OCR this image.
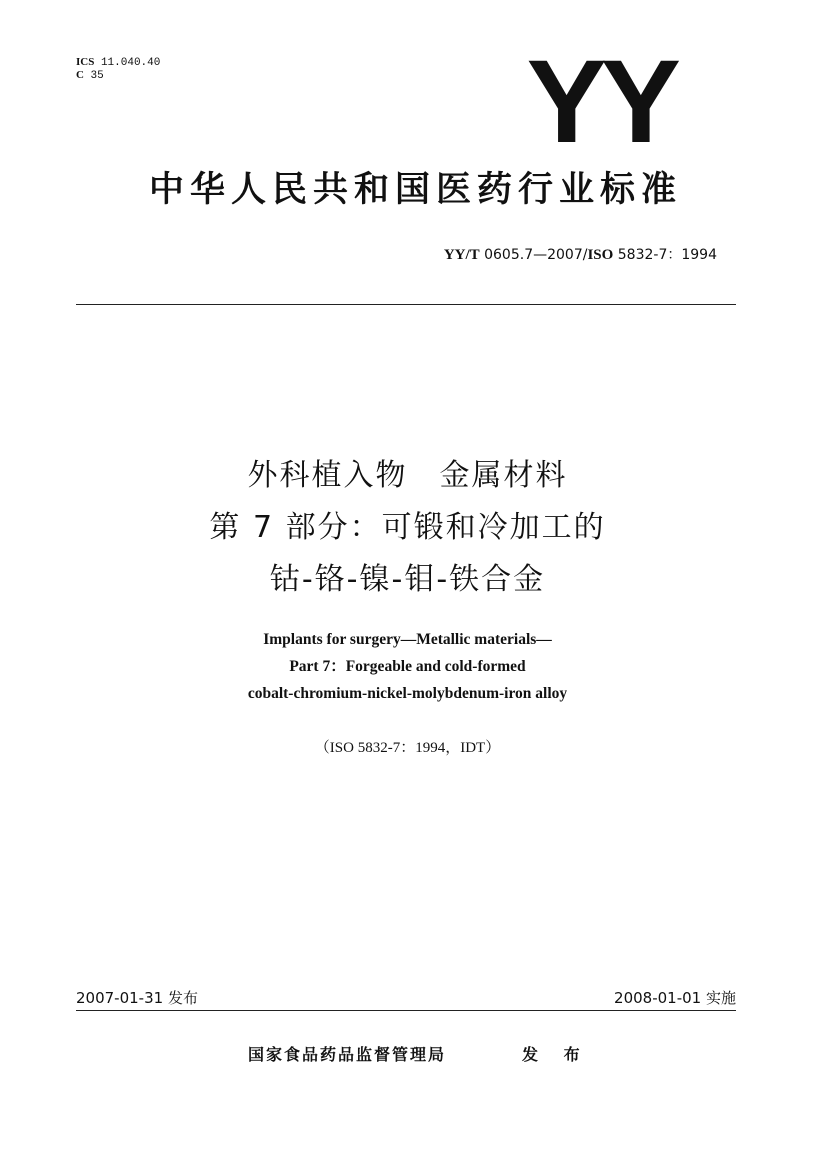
ICS 11.040.40
C 35	YY
中华人民共和国医药行业标准
YY/T 0605.7—2007/ISO 5832-7：1994
外科植入物　金属材料
第 7 部分：可锻和冷加工的
钴-铬-镍-钼-铁合金
Implants for surgery—Metallic materials—
Part 7：Forgeable and cold-formed
cobalt-chromium-nickel-molybdenum-iron alloy
（ISO 5832-7：1994，IDT）
2007-01-31 发布	2008-01-01 实施
国家食品药品监督管理局	发 布
